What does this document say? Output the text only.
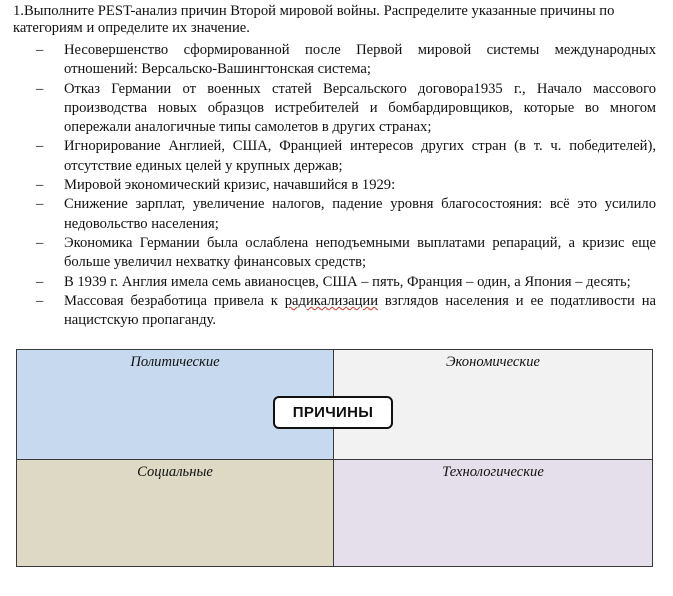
1.Выполните PEST-анализ причин Второй мировой войны. Распределите указанные причины по категориям и определите их значение.
–	Несовершенство сформированной после Первой мировой системы международных отношений: Версальско-Вашингтонская система;
–	Отказ Германии от военных статей Версальского договора1935 г., Начало массового производства новых образцов истребителей и бомбардировщиков, которые во многом опережали аналогичные типы самолетов в других странах;
–	Игнорирование Англией, США, Францией интересов других стран (в т. ч. победителей), отсутствие единых целей у крупных держав;
–	Мировой экономический кризис, начавшийся в 1929:
–	Снижение зарплат, увеличение налогов, падение уровня благосостояния: всё это усилило недовольство населения;
–	Экономика Германии была ослаблена неподъемными выплатами репараций, а кризис еще больше увеличил нехватку финансовых средств;
–	В 1939 г. Англия имела семь авианосцев, США – пять, Франция – один, а Япония – десять;
–	Массовая безработица привела к радикализации взглядов населения и ее податливости на нацистскую пропаганду.
Политические	Экономические
Социальные	Технологические
ПРИЧИНЫ
